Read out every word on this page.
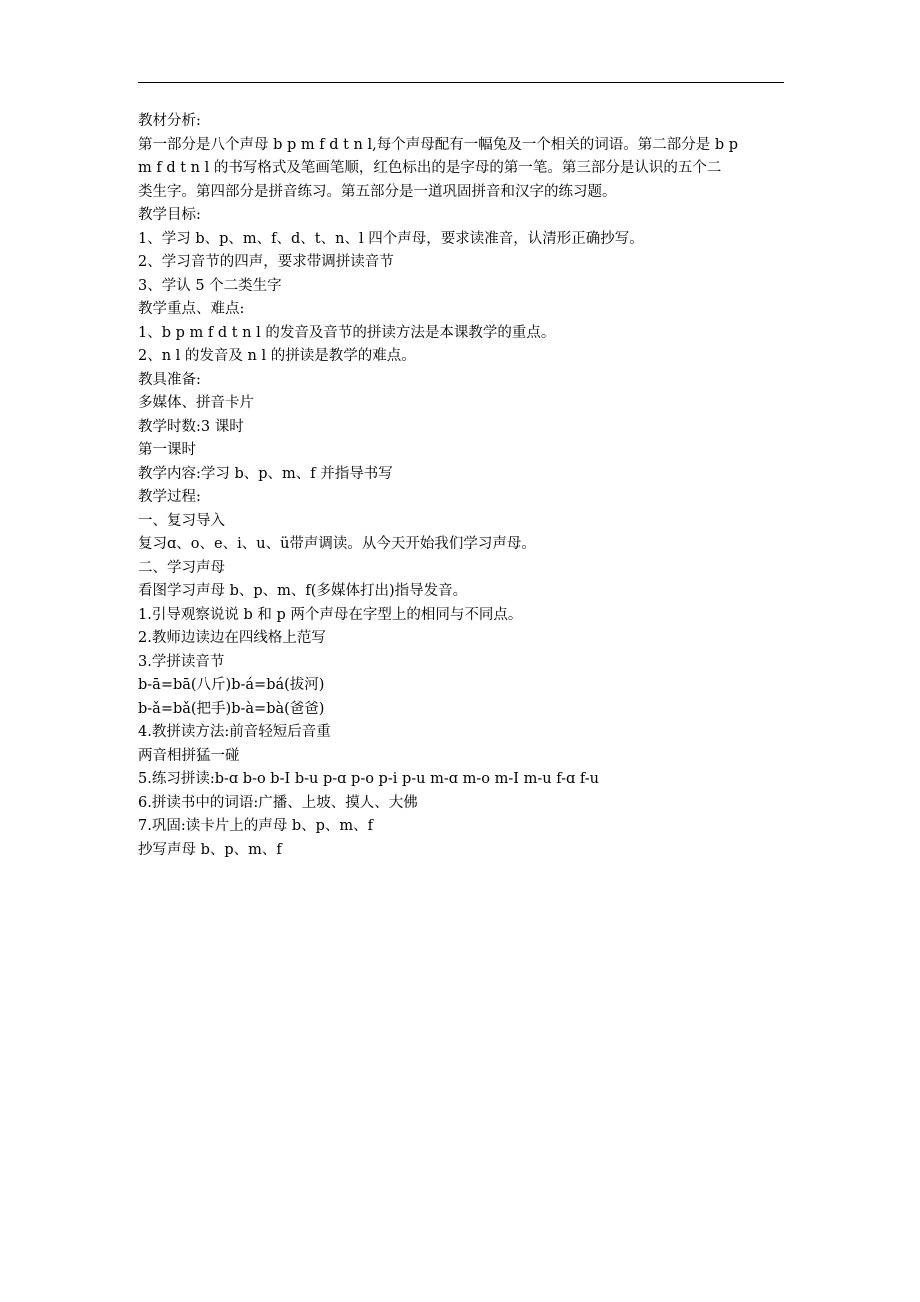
教材分析:
第一部分是八个声母 b p m f d t n l,每个声母配有一幅兔及一个相关的词语。第二部分是 b p
m f d t n l 的书写格式及笔画笔顺，红色标出的是字母的第一笔。第三部分是认识的五个二
类生字。第四部分是拼音练习。第五部分是一道巩固拼音和汉字的练习题。
教学目标:
1、学习 b、p、m、f、d、t、n、l 四个声母，要求读准音，认清形正确抄写。
2、学习音节的四声，要求带调拼读音节
3、学认 5 个二类生字
教学重点、难点:
1、b p m f d t n l 的发音及音节的拼读方法是本课教学的重点。
2、n l 的发音及 n l 的拼读是教学的难点。
教具准备:
多媒体、拼音卡片
教学时数:3 课时
第一课时
教学内容:学习 b、p、m、f 并指导书写
教学过程:
一、复习导入
复习ɑ、o、e、i、u、ü带声调读。从今天开始我们学习声母。
二、学习声母
看图学习声母 b、p、m、f(多媒体打出)指导发音。
1.引导观察说说 b 和 p 两个声母在字型上的相同与不同点。
2.教师边读边在四线格上范写
3.学拼读音节
b-ā=bā(八斤)b-á=bá(拔河)
b-ǎ=bǎ(把手)b-à=bà(爸爸)
4.教拼读方法:前音轻短后音重
两音相拼猛一碰
5.练习拼读:b-ɑ b-o b-I b-u p-ɑ p-o p-i p-u m-ɑ m-o m-I m-u f-ɑ f-u
6.拼读书中的词语:广播、上坡、摸人、大佛
7.巩固:读卡片上的声母 b、p、m、f
抄写声母 b、p、m、f
